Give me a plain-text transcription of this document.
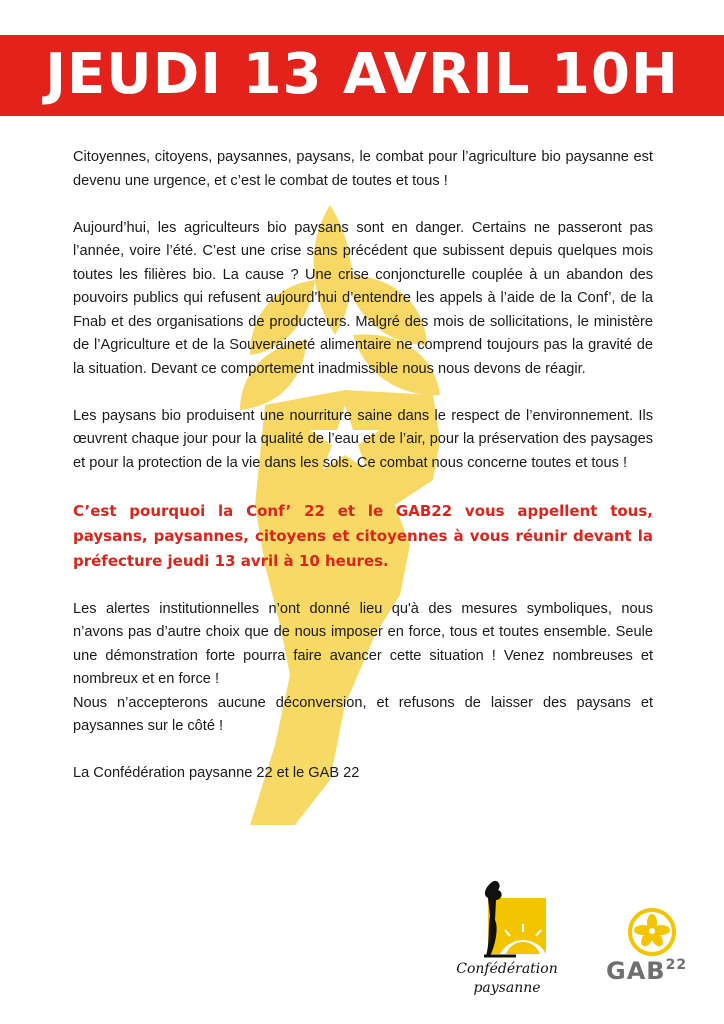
JEUDI 13 AVRIL 10H

Citoyennes, citoyens, paysannes, paysans, le combat pour l’agriculture bio paysanne est devenu une urgence, et c’est le combat de toutes et tous !

Aujourd’hui, les agriculteurs bio paysans sont en danger. Certains ne passeront pas l’année, voire l’été. C’est une crise sans précédent que subissent depuis quelques mois toutes les filières bio. La cause ? Une crise conjoncturelle couplée à un abandon des pouvoirs publics qui refusent aujourd’hui d’entendre les appels à l’aide de la Conf’, de la Fnab et des organisations de producteurs. Malgré des mois de sollicitations, le ministère de l’Agriculture et de la Souveraineté alimentaire ne comprend toujours pas la gravité de la situation. Devant ce comportement inadmissible nous nous devons de réagir.

Les paysans bio produisent une nourriture saine dans le respect de l’environnement. Ils œuvrent chaque jour pour la qualité de l’eau et de l’air, pour la préservation des paysages et pour la protection de la vie dans les sols. Ce combat nous concerne toutes et tous !

C’est pourquoi la Conf’ 22 et le GAB22 vous appellent tous, paysans, paysannes, citoyens et citoyennes à vous réunir devant la préfecture jeudi 13 avril à 10 heures.

Les alertes institutionnelles n’ont donné lieu qu'à des mesures symboliques, nous n’avons pas d’autre choix que de nous imposer en force, tous et toutes ensemble. Seule une démonstration forte pourra faire avancer cette situation ! Venez nombreuses et nombreux et en force !

Nous n’accepterons aucune déconversion, et refusons de laisser des paysans et paysannes sur le côté !

La Confédération paysanne 22 et le GAB 22

Confédération
paysanne
GAB$^{22}$
